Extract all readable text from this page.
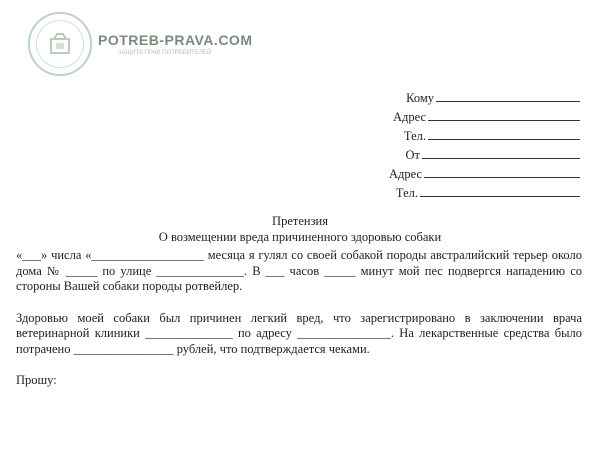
POTREB-PRAVA.COM
ЗАЩИТА ПРАВ ПОТРЕБИТЕЛЕЙ
Кому
Адрес
Тел.
От
Адрес
Тел.
Претензия
О возмещении вреда причиненного здоровью собаки

«___» числа «__________________ месяца я гулял со своей собакой породы австралийский терьер около дома № _____ по улице ______________. В ___ часов _____ минут мой пес подвергся нападению со стороны Вашей собаки породы ротвейлер.

Здоровью моей собаки был причинен легкий вред, что зарегистрировано в заключении врача ветеринарной клиники ______________ по адресу _______________. На лекарственные средства было потрачено ________________ рублей, что подтверждается чеками.

Прошу:
